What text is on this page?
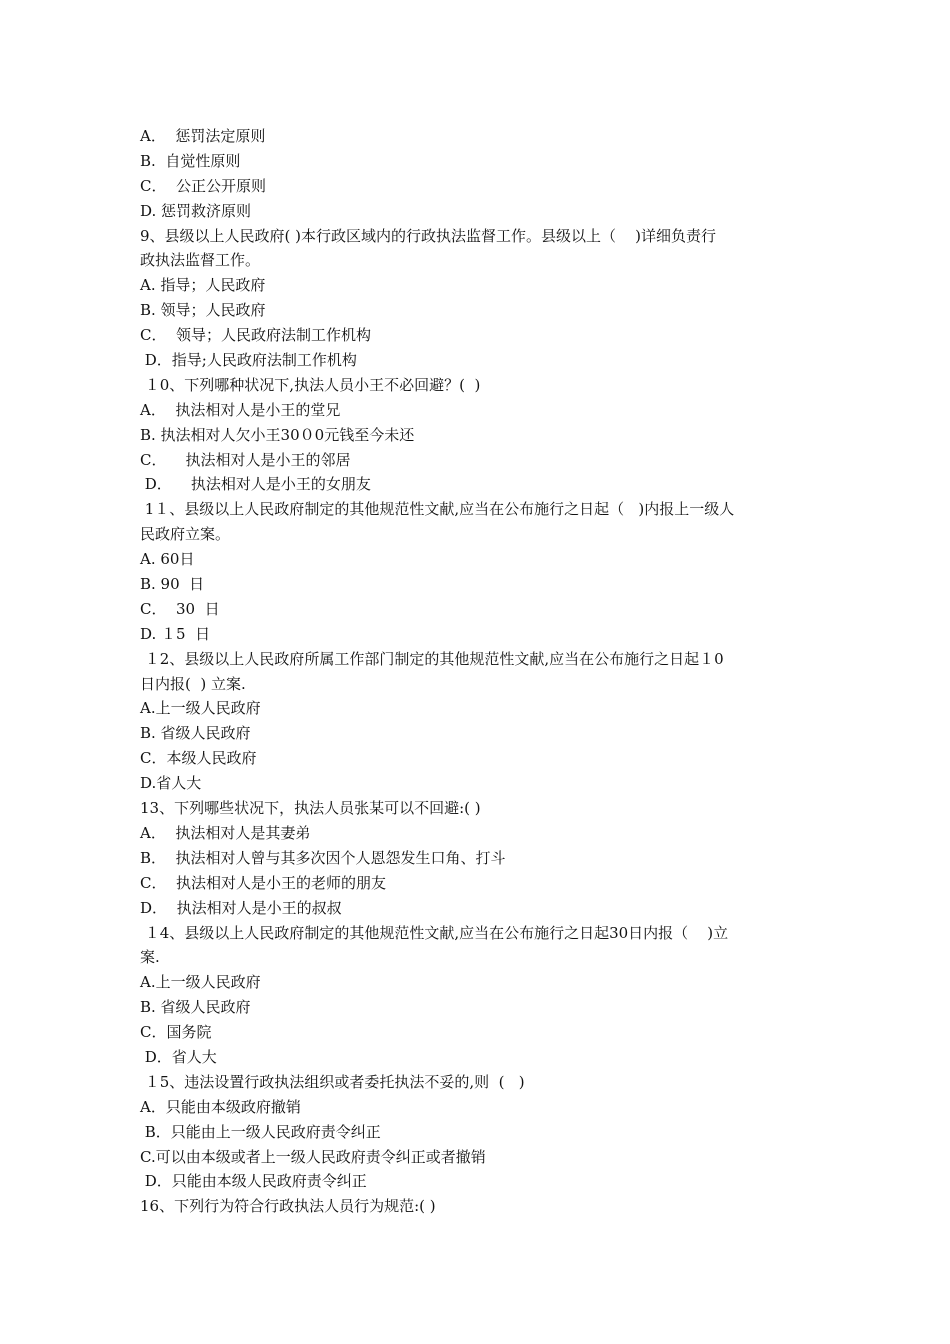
A．  惩罚法定原则
B.  自觉性原则
C．  公正公开原则
D. 惩罚救济原则
9、县级以上人民政府( )本行政区域内的行政执法监督工作。县级以上（    )详细负责行
政执法监督工作。
A. 指导；人民政府
B. 领导；人民政府
C．  领导；人民政府法制工作机构
D．指导;人民政府法制工作机构
１0、下列哪种状况下,执法人员小王不必回避？(  )
A．  执法相对人是小王的堂兄
B. 执法相对人欠小王30０0元钱至今未还
C．    执法相对人是小王的邻居
D．    执法相对人是小王的女朋友
1１、县级以上人民政府制定的其他规范性文献,应当在公布施行之日起（   )内报上一级人
民政府立案。
A. 60日
B. 90  日
C．  30  日
D. １5  日
１2、县级以上人民政府所属工作部门制定的其他规范性文献,应当在公布施行之日起１0
日内报(  ) 立案.
A.上一级人民政府
B. 省级人民政府
C．本级人民政府
D.省人大
13、下列哪些状况下，执法人员张某可以不回避:( )
A．  执法相对人是其妻弟
B．  执法相对人曾与其多次因个人恩怨发生口角、打斗
C．  执法相对人是小王的老师的朋友
D．  执法相对人是小王的叔叔
１4、县级以上人民政府制定的其他规范性文献,应当在公布施行之日起30日内报（    )立
案.
A.上一级人民政府
B. 省级人民政府
C．国务院
D．省人大
１5、违法设置行政执法组织或者委托执法不妥的,则  (   )
A．只能由本级政府撤销
B．只能由上一级人民政府责令纠正
C.可以由本级或者上一级人民政府责令纠正或者撤销
D．只能由本级人民政府责令纠正
16、下列行为符合行政执法人员行为规范:( )
